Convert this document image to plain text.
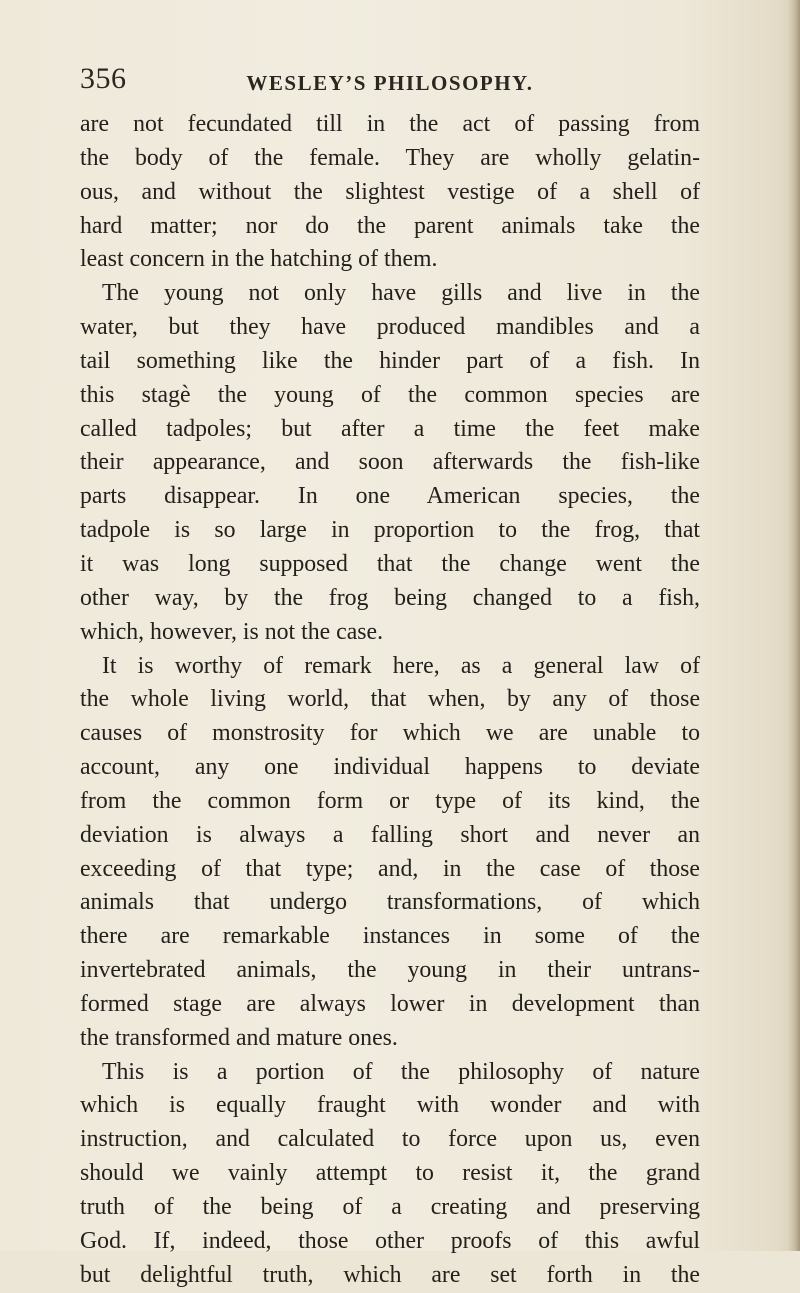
356	WESLEY’S PHILOSOPHY.
are not fecundated till in the act of passing from
the body of the female. They are wholly gelatin-
ous, and without the slightest vestige of a shell of
hard matter; nor do the parent animals take the
least concern in the hatching of them.
The young not only have gills and live in the
water, but they have produced mandibles and a
tail something like the hinder part of a fish. In
this stagè the young of the common species are
called tadpoles; but after a time the feet make
their appearance, and soon afterwards the fish-like
parts disappear. In one American species, the
tadpole is so large in proportion to the frog, that
it was long supposed that the change went the
other way, by the frog being changed to a fish,
which, however, is not the case.
It is worthy of remark here, as a general law of
the whole living world, that when, by any of those
causes of monstrosity for which we are unable to
account, any one individual happens to deviate
from the common form or type of its kind, the
deviation is always a falling short and never an
exceeding of that type; and, in the case of those
animals that undergo transformations, of which
there are remarkable instances in some of the
invertebrated animals, the young in their untrans-
formed stage are always lower in development than
the transformed and mature ones.
This is a portion of the philosophy of nature
which is equally fraught with wonder and with
instruction, and calculated to force upon us, even
should we vainly attempt to resist it, the grand
truth of the being of a creating and preserving
God. If, indeed, those other proofs of this awful
but delightful truth, which are set forth in the
